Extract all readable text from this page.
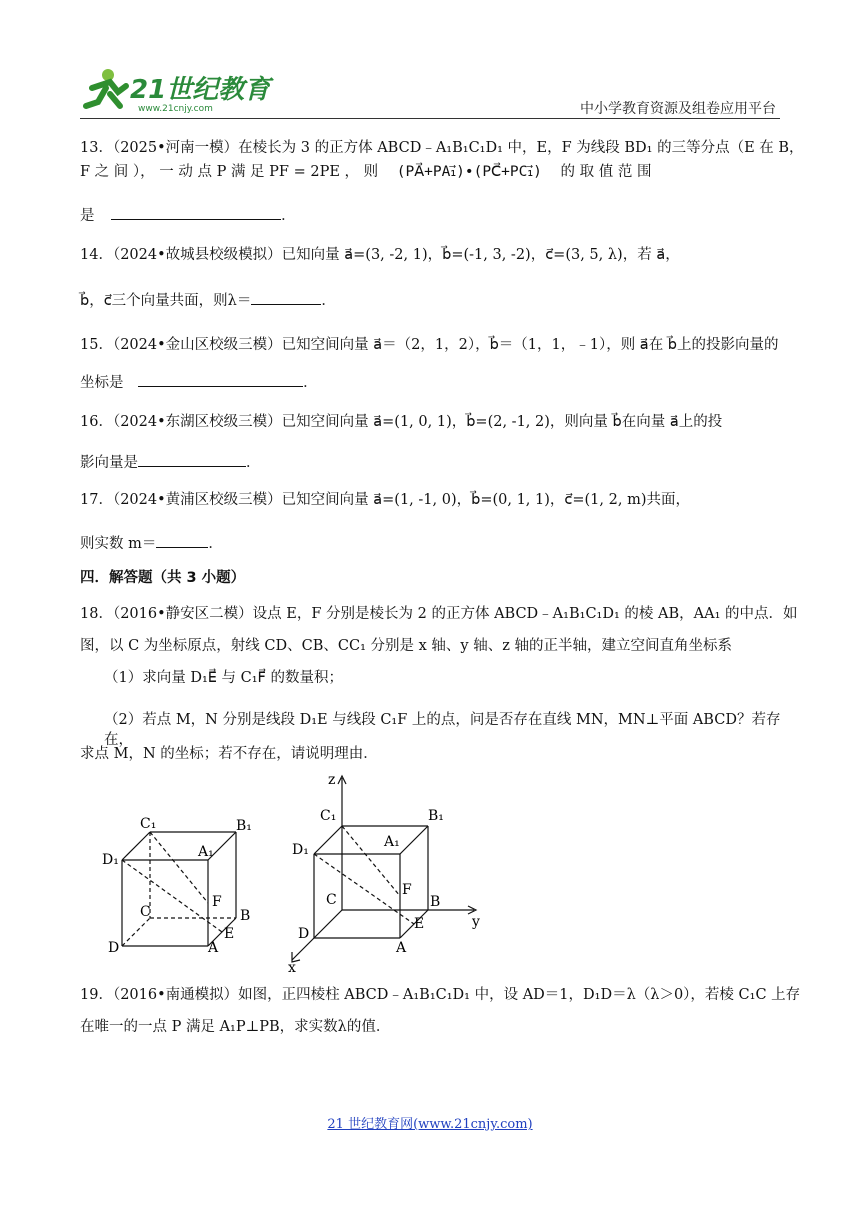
21世纪教育
www.21cnjy.com	中小学教育资源及组卷应用平台
13．（2025•河南一模）在棱长为 3 的正方体 ABCD﹣A₁B₁C₁D₁ 中，E，F 为线段 BD₁ 的三等分点（E 在 B，
F 之 间 ）， 一 动 点 P 满 足 PF = 2PE ， 则 (PA⃗+PA₁⃗)•(PC⃗+PC₁⃗) 的 取 值 范 围
是	．
14．（2024•故城县校级模拟）已知向量 a⃗=(3, -2, 1)，b⃗=(-1, 3, -2)，c⃗=(3, 5, λ)，若 a⃗，
b⃗，c⃗三个向量共面，则λ＝	．
15．（2024•金山区校级三模）已知空间向量 a⃗＝（2，1，2），b⃗＝（1，1，﹣1），则 a⃗在 b⃗上的投影向量的
坐标是	．
16．（2024•东湖区校级三模）已知空间向量 a⃗=(1, 0, 1)，b⃗=(2, -1, 2)，则向量 b⃗在向量 a⃗上的投
影向量是	．
17．（2024•黄浦区校级三模）已知空间向量 a⃗=(1, -1, 0)，b⃗=(0, 1, 1)，c⃗=(1, 2, m)共面，
则实数 m＝	．
四．解答题（共 3 小题）
18．（2016•静安区二模）设点 E，F 分别是棱长为 2 的正方体 ABCD﹣A₁B₁C₁D₁ 的棱 AB，AA₁ 的中点．如
图，以 C 为坐标原点，射线 CD、CB、CC₁ 分别是 x 轴、y 轴、z 轴的正半轴，建立空间直角坐标系
（1）求向量 D₁E⃗ 与 C₁F⃗ 的数量积；
（2）若点 M，N 分别是线段 D₁E 与线段 C₁F 上的点，问是否存在直线 MN，MN⊥平面 ABCD？若存在，
求点 M，N 的坐标；若不存在，请说明理由．
C₁	B₁
D₁	A₁
C
F
B
E
A
D
z
y
x
C₁	B₁
D₁	A₁
C
F
B
E
A
D
19．（2016•南通模拟）如图，正四棱柱 ABCD﹣A₁B₁C₁D₁ 中，设 AD＝1，D₁D＝λ（λ＞0），若棱 C₁C 上存
在唯一的一点 P 满足 A₁P⊥PB，求实数λ的值．
21 世纪教育网(www.21cnjy.com)
